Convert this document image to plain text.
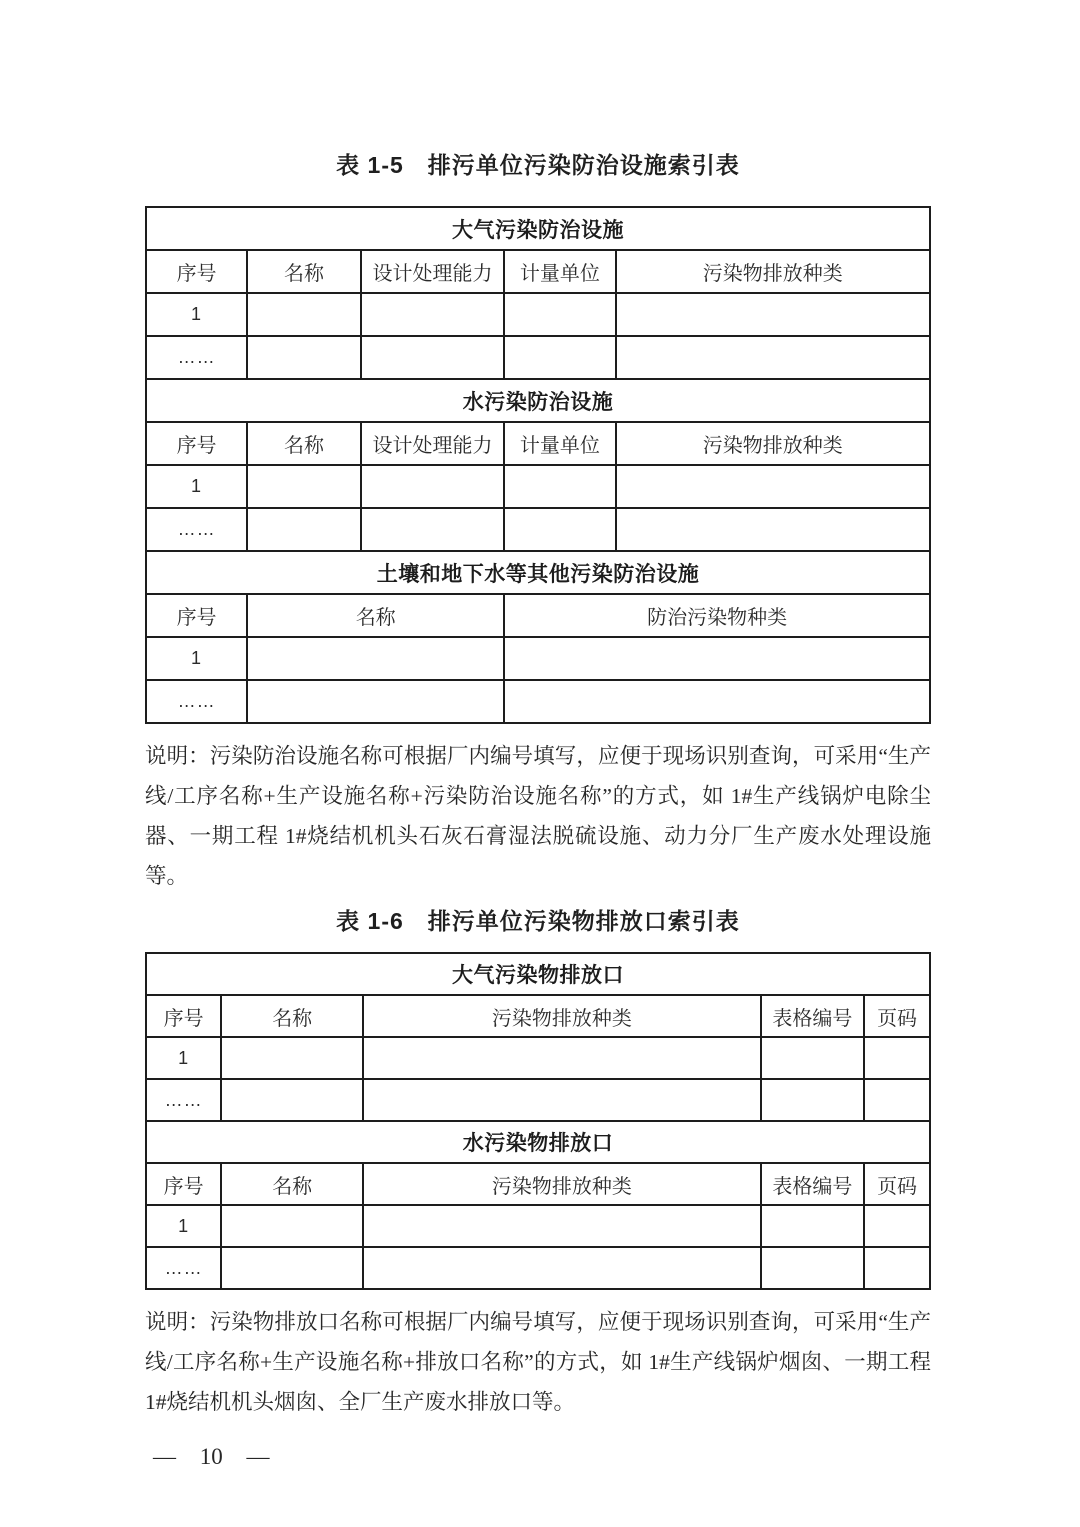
表 1-5　排污单位污染防治设施索引表
大气污染防治设施				
序号	名称	设计处理能力	计量单位	污染物排放种类
1				
……				
水污染防治设施				
序号	名称	设计处理能力	计量单位	污染物排放种类
1				
……				
土壤和地下水等其他污染防治设施				
序号	名称		防治污染物种类	
1				
……				

说明：污染防治设施名称可根据厂内编号填写，应便于现场识别查询，可采用“生产线/工序名称+生产设施名称+污染防治设施名称”的方式，如 1#生产线锅炉电除尘器、一期工程 1#烧结机机头石灰石膏湿法脱硫设施、动力分厂生产废水处理设施等。

表 1-6　排污单位污染物排放口索引表
大气污染物排放口				
序号	名称	污染物排放种类	表格编号	页码
1				
……				
水污染物排放口				
序号	名称	污染物排放种类	表格编号	页码
1				
……				

说明：污染物排放口名称可根据厂内编号填写，应便于现场识别查询，可采用“生产线/工序名称+生产设施名称+排放口名称”的方式，如 1#生产线锅炉烟囱、一期工程 1#烧结机机头烟囱、全厂生产废水排放口等。

— 10 —
